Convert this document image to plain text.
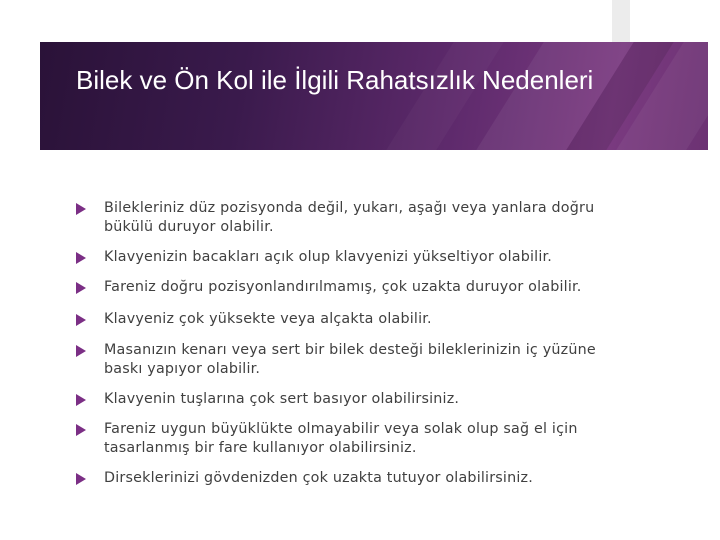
Bilek ve Ön Kol ile İlgili Rahatsızlık Nedenleri
Bilekleriniz düz pozisyonda değil, yukarı, aşağı veya yanlara doğru bükülü duruyor olabilir.
Klavyenizin bacakları açık olup klavyenizi yükseltiyor olabilir.
Fareniz doğru pozisyonlandırılmamış, çok uzakta duruyor olabilir.
Klavyeniz çok yüksekte veya alçakta olabilir.
Masanızın kenarı veya sert bir bilek desteği bileklerinizin iç yüzüne baskı yapıyor olabilir.
Klavyenin tuşlarına çok sert basıyor olabilirsiniz.
Fareniz uygun büyüklükte olmayabilir veya solak olup sağ el için tasarlanmış bir fare kullanıyor olabilirsiniz.
Dirseklerinizi gövdenizden çok uzakta tutuyor olabilirsiniz.
